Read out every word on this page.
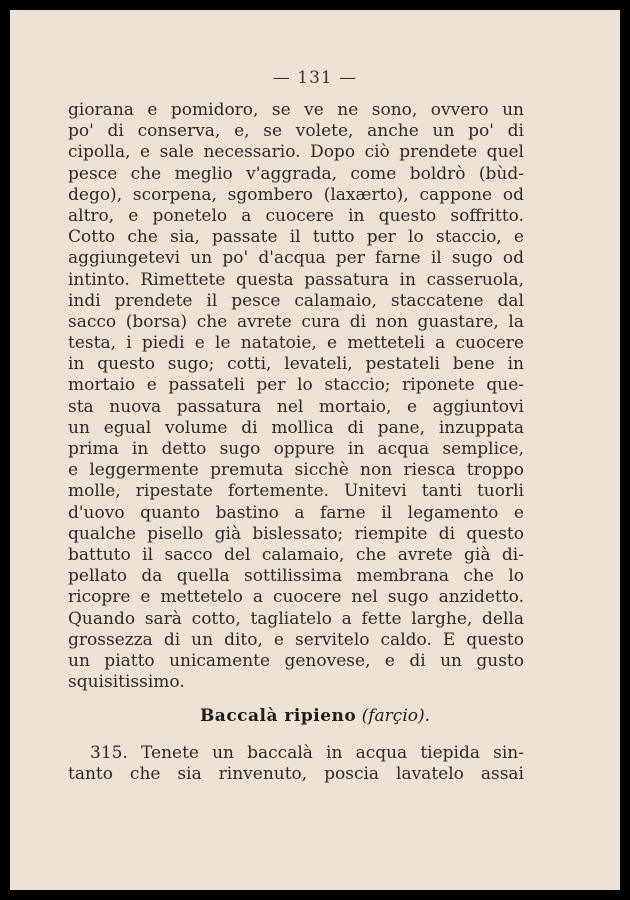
— 131 —
giorana e pomidoro, se ve ne sono, ovvero un
po' di conserva, e, se volete, anche un po' di
cipolla, e sale necessario. Dopo ciò prendete quel
pesce che meglio v'aggrada, come boldrò (bùd-
dego), scorpena, sgombero (laxærto), cappone od
altro, e ponetelo a cuocere in questo soffritto.
Cotto che sia, passate il tutto per lo staccio, e
aggiungetevi un po' d'acqua per farne il sugo od
intinto. Rimettete questa passatura in casseruola,
indi prendete il pesce calamaio, staccatene dal
sacco (borsa) che avrete cura di non guastare, la
testa, i piedi e le natatoie, e metteteli a cuocere
in questo sugo; cotti, levateli, pestateli bene in
mortaio e passateli per lo staccio; riponete que-
sta nuova passatura nel mortaio, e aggiuntovi
un egual volume di mollica di pane, inzuppata
prima in detto sugo oppure in acqua semplice,
e leggermente premuta sicchè non riesca troppo
molle, ripestate fortemente. Unitevi tanti tuorli
d'uovo quanto bastino a farne il legamento e
qualche pisello già bislessato; riempite di questo
battuto il sacco del calamaio, che avrete già di-
pellato da quella sottilissima membrana che lo
ricopre e mettetelo a cuocere nel sugo anzidetto.
Quando sarà cotto, tagliatelo a fette larghe, della
grossezza di un dito, e servitelo caldo. E questo
un piatto unicamente genovese, e di un gusto
squisitissimo.
Baccalà ripieno (farçio).
315. Tenete un baccalà in acqua tiepida sin-
tanto che sia rinvenuto, poscia lavatelo assai
